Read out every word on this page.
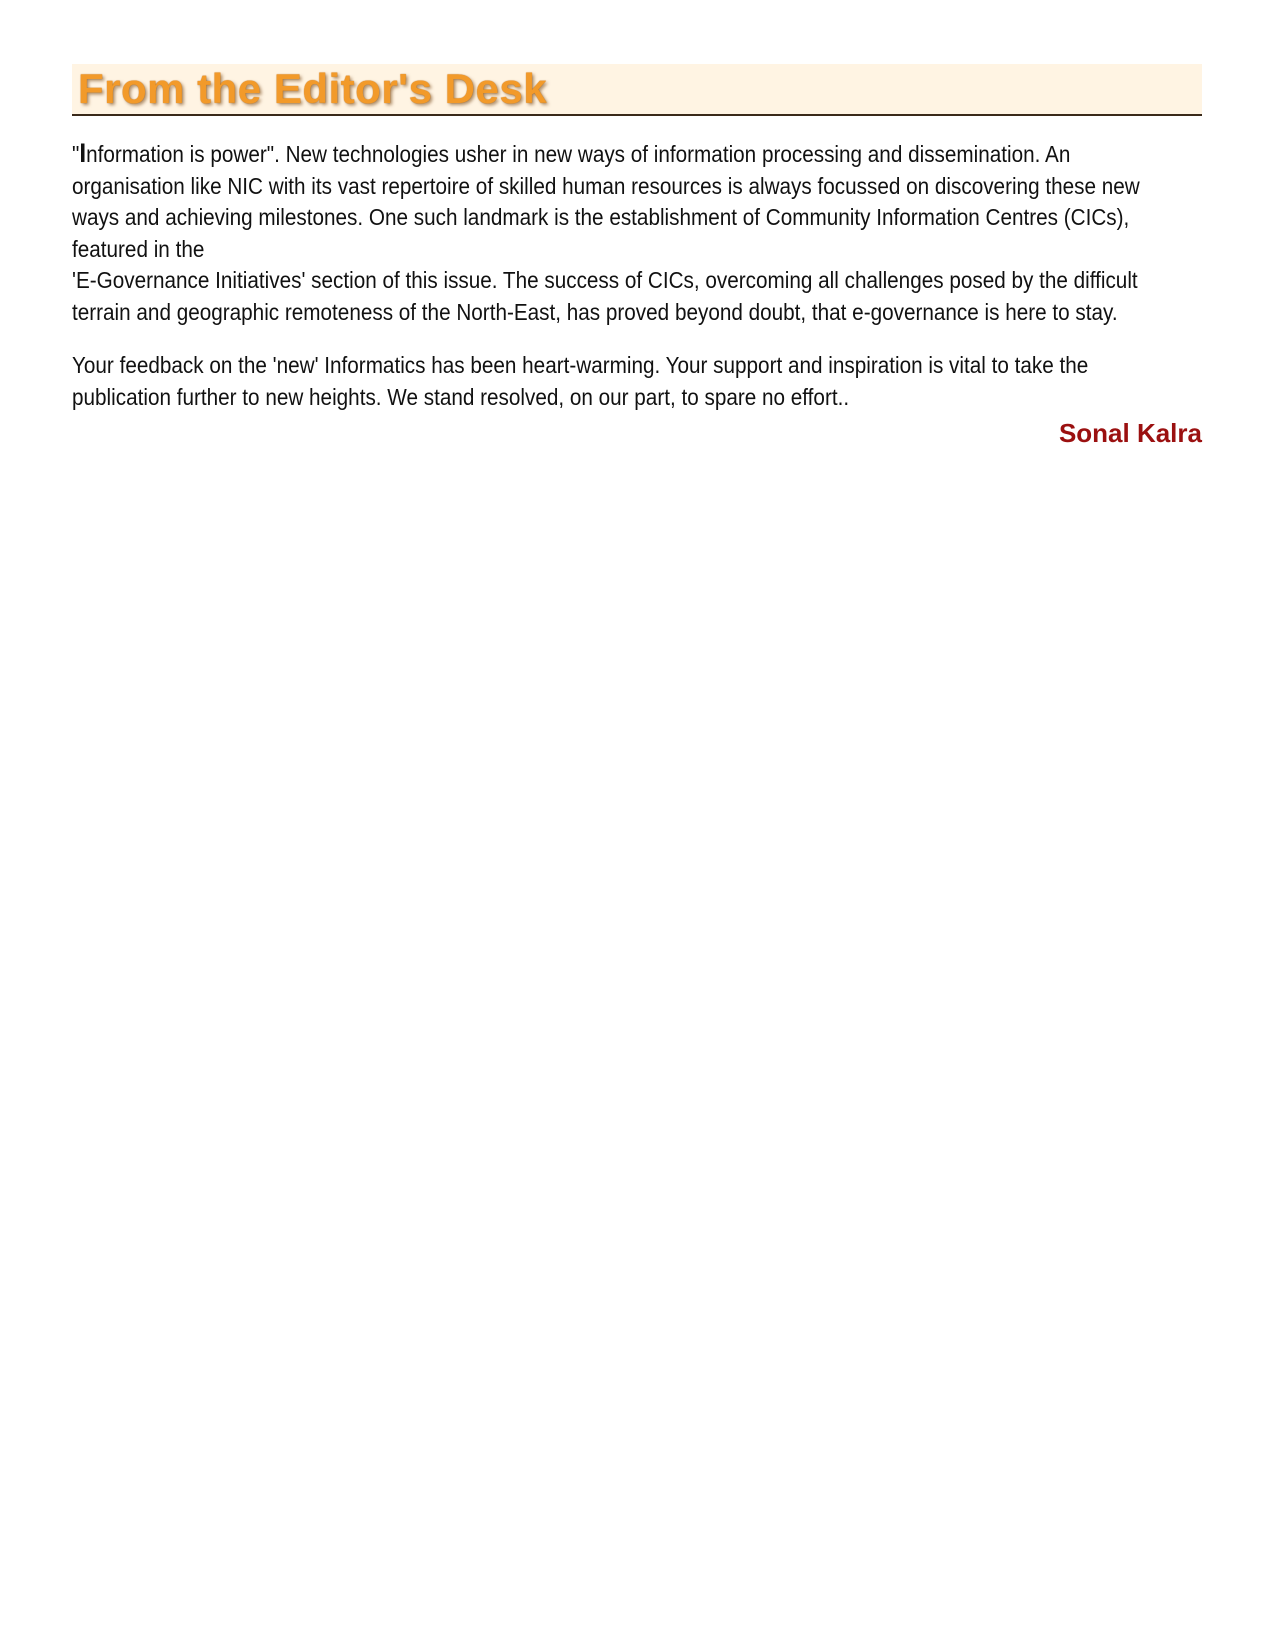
From the Editor's Desk

"Information is power". New technologies usher in new ways of information processing and dissemination. An
organisation like NIC with its vast repertoire of skilled human resources is always focussed on discovering these new
ways and achieving milestones. One such landmark is the establishment of Community Information Centres (CICs),
featured in the
'E-Governance Initiatives' section of this issue. The success of CICs, overcoming all challenges posed by the difficult
terrain and geographic remoteness of the North-East, has proved beyond doubt, that e-governance is here to stay.

Your feedback on the 'new' Informatics has been heart-warming. Your support and inspiration is vital to take the
publication further to new heights. We stand resolved, on our part, to spare no effort..

Sonal Kalra
